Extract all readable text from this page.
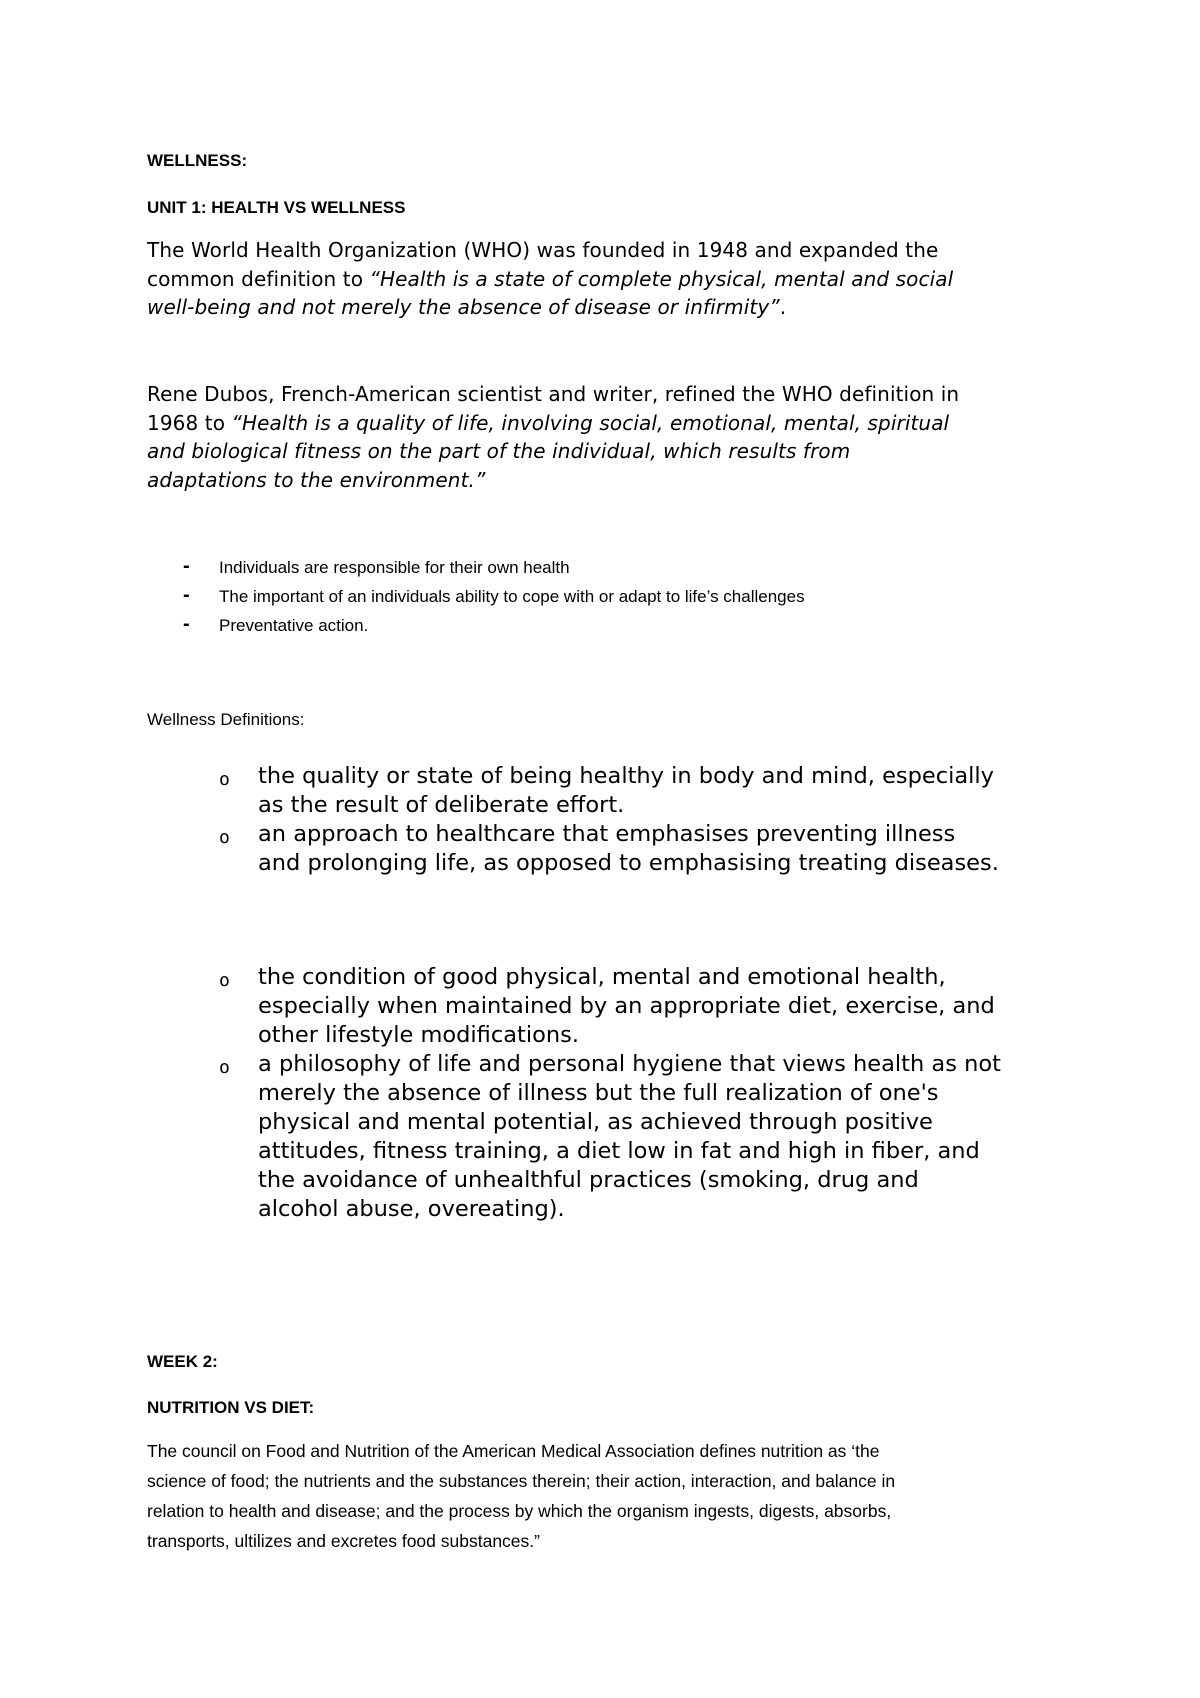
WELLNESS:
UNIT 1: HEALTH VS WELLNESS
The World Health Organization (WHO) was founded in 1948 and expanded the
common definition to “Health is a state of complete physical, mental and social
well-being and not merely the absence of disease or infirmity”.
Rene Dubos, French-American scientist and writer, refined the WHO definition in
1968 to “Health is a quality of life, involving social, emotional, mental, spiritual
and biological fitness on the part of the individual, which results from
adaptations to the environment.”
- Individuals are responsible for their own health
- The important of an individuals ability to cope with or adapt to life’s challenges
- Preventative action.
Wellness Definitions:
o the quality or state of being healthy in body and mind, especially
as the result of deliberate effort.
o an approach to healthcare that emphasises preventing illness
and prolonging life, as opposed to emphasising treating diseases.
o the condition of good physical, mental and emotional health,
especially when maintained by an appropriate diet, exercise, and
other lifestyle modifications.
o a philosophy of life and personal hygiene that views health as not
merely the absence of illness but the full realization of one's
physical and mental potential, as achieved through positive
attitudes, fitness training, a diet low in fat and high in fiber, and
the avoidance of unhealthful practices (smoking, drug and
alcohol abuse, overeating).
WEEK 2:
NUTRITION VS DIET:
The council on Food and Nutrition of the American Medical Association defines nutrition as ‘the
science of food; the nutrients and the substances therein; their action, interaction, and balance in
relation to health and disease; and the process by which the organism ingests, digests, absorbs,
transports, ultilizes and excretes food substances.”
